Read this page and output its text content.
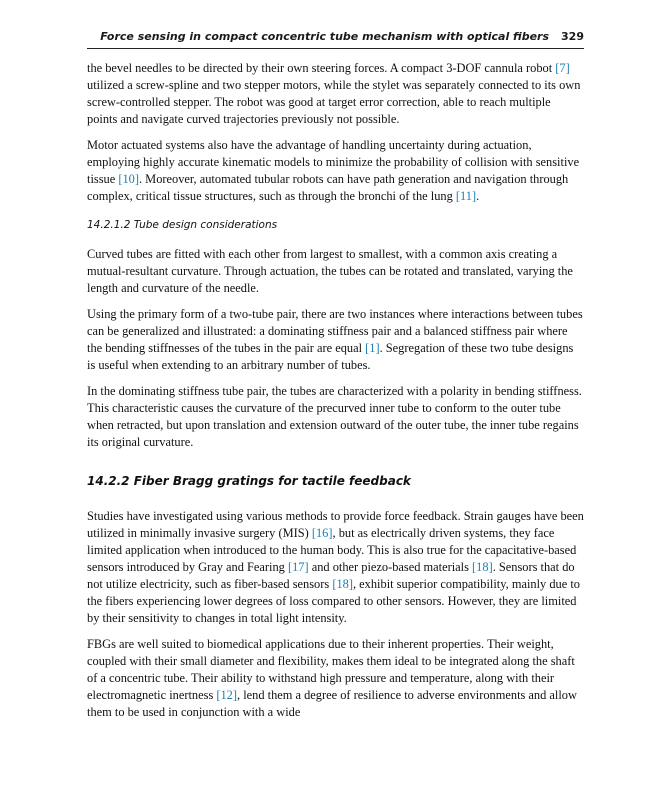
Force sensing in compact concentric tube mechanism with optical fibers 329

the bevel needles to be directed by their own steering forces. A compact 3-DOF cannula robot [7] utilized a screw-spline and two stepper motors, while the stylet was separately connected to its own screw-controlled stepper. The robot was good at target error correction, able to reach multiple points and navigate curved trajectories previously not possible.

Motor actuated systems also have the advantage of handling uncertainty during actuation, employing highly accurate kinematic models to minimize the probability of collision with sensitive tissue [10]. Moreover, automated tubular robots can have path generation and navigation through complex, critical tissue structures, such as through the bronchi of the lung [11].

14.2.1.2 Tube design considerations

Curved tubes are fitted with each other from largest to smallest, with a common axis creating a mutual-resultant curvature. Through actuation, the tubes can be rotated and translated, varying the length and curvature of the needle.

Using the primary form of a two-tube pair, there are two instances where interactions between tubes can be generalized and illustrated: a dominating stiffness pair and a balanced stiffness pair where the bending stiffnesses of the tubes in the pair are equal [1]. Segregation of these two tube designs is useful when extending to an arbitrary number of tubes.

In the dominating stiffness tube pair, the tubes are characterized with a polarity in bending stiffness. This characteristic causes the curvature of the precurved inner tube to conform to the outer tube when retracted, but upon translation and extension outward of the outer tube, the inner tube regains its original curvature.

14.2.2 Fiber Bragg gratings for tactile feedback

Studies have investigated using various methods to provide force feedback. Strain gauges have been utilized in minimally invasive surgery (MIS) [16], but as electrically driven systems, they face limited application when introduced to the human body. This is also true for the capacitative-based sensors introduced by Gray and Fearing [17] and other piezo-based materials [18]. Sensors that do not utilize electricity, such as fiber-based sensors [18], exhibit superior compatibility, mainly due to the fibers experiencing lower degrees of loss compared to other sensors. However, they are limited by their sensitivity to changes in total light intensity.

FBGs are well suited to biomedical applications due to their inherent properties. Their weight, coupled with their small diameter and flexibility, makes them ideal to be integrated along the shaft of a concentric tube. Their ability to withstand high pressure and temperature, along with their electromagnetic inertness [12], lend them a degree of resilience to adverse environments and allow them to be used in conjunction with a wide
